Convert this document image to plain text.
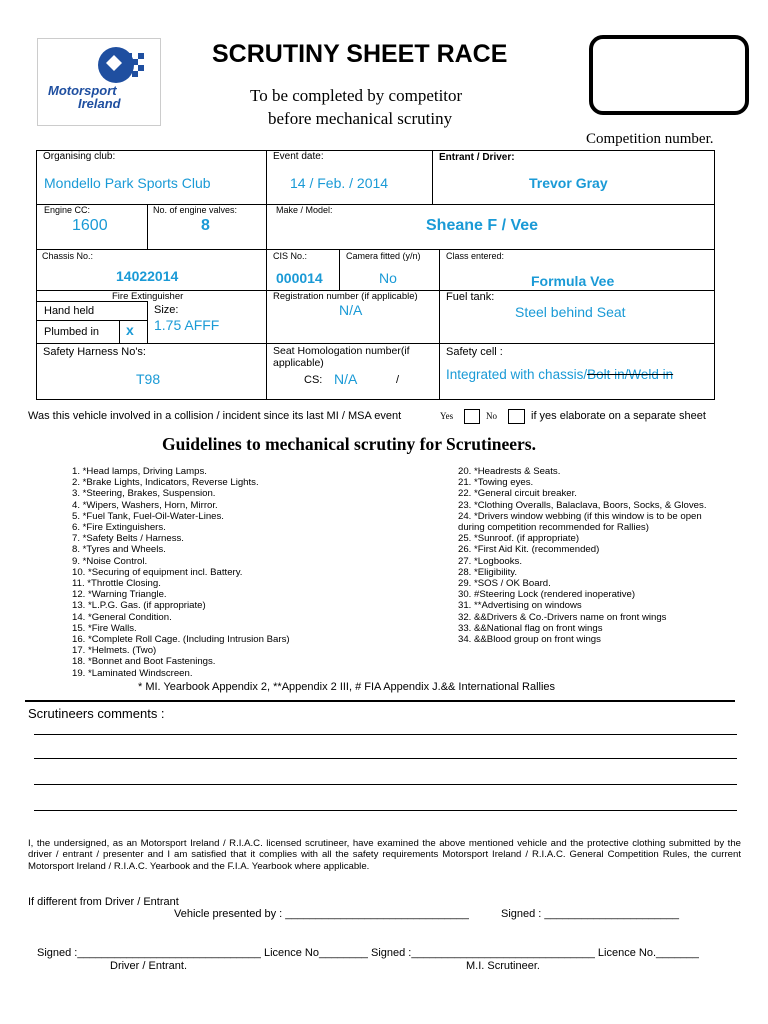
Motorsport
Ireland
SCRUTINY SHEET RACE
To be completed by competitor
before mechanical scrutiny
Competition number.
Organising club:
Mondello Park Sports Club
Event date:
14 / Feb. / 2014
Entrant / Driver:
Trevor Gray
Engine CC:
1600
No. of engine valves:
8
Make / Model:
Sheane F / Vee
Chassis No.:
14022014
CIS No.:
000014
Camera fitted (y/n)
No
Class entered:
Formula Vee
Fire Extinguisher
Hand held
Plumbed in x
Size:
1.75 AFFF
Registration number (if applicable)
N/A
Fuel tank:
Steel behind Seat
Safety Harness No's:
T98
Seat Homologation number(if
applicable)
CS: N/A	/
Safety cell :
Integrated with chassis/Bolt in/Weld in
Was this vehicle involved in a collision / incident since its last MI / MSA event	Yes	No	if yes elaborate on a separate sheet
Guidelines to mechanical scrutiny for Scrutineers.
1. *Head lamps, Driving Lamps.
2. *Brake Lights, Indicators, Reverse Lights.
3. *Steering, Brakes, Suspension.
4. *Wipers, Washers, Horn, Mirror.
5. *Fuel Tank, Fuel-Oil-Water-Lines.
6. *Fire Extinguishers.
7. *Safety Belts / Harness.
8. *Tyres and Wheels.
9. *Noise Control.
10. *Securing of equipment incl. Battery.
11. *Throttle Closing.
12. *Warning Triangle.
13. *L.P.G. Gas. (if appropriate)
14. *General Condition.
15. *Fire Walls.
16. *Complete Roll Cage. (Including Intrusion Bars)
17. *Helmets. (Two)
18. *Bonnet and Boot Fastenings.
19. *Laminated Windscreen.
20. *Headrests & Seats.
21. *Towing eyes.
22. *General circuit breaker.
23. *Clothing Overalls, Balaclava, Boors, Socks, & Gloves.
24. *Drivers window webbing (if this window is to be open
during competition recommended for Rallies)
25. *Sunroof. (if appropriate)
26. *First Aid Kit. (recommended)
27. *Logbooks.
28. *Eligibility.
29. *SOS / OK Board.
30. #Steering Lock (rendered inoperative)
31. **Advertising on windows
32. &&Drivers & Co.-Drivers name on front wings
33. &&National flag on front wings
34. &&Blood group on front wings
* MI. Yearbook Appendix 2, **Appendix 2 III, # FIA Appendix J.&& International Rallies
Scrutineers comments :
I, the undersigned, as an Motorsport Ireland / R.I.A.C. licensed scrutineer, have examined the above mentioned vehicle and the protective clothing submitted by the driver / entrant / presenter and I am satisfied that it complies with all the safety requirements Motorsport Ireland / R.I.A.C. General Competition Rules, the current Motorsport Ireland / R.I.A.C. Yearbook and the F.I.A. Yearbook where applicable.
If different from Driver / Entrant
Vehicle presented by : ______________________________	Signed : ______________________
Signed :______________________________ Licence No________ Signed :______________________________ Licence No._______
Driver / Entrant.	M.I. Scrutineer.
